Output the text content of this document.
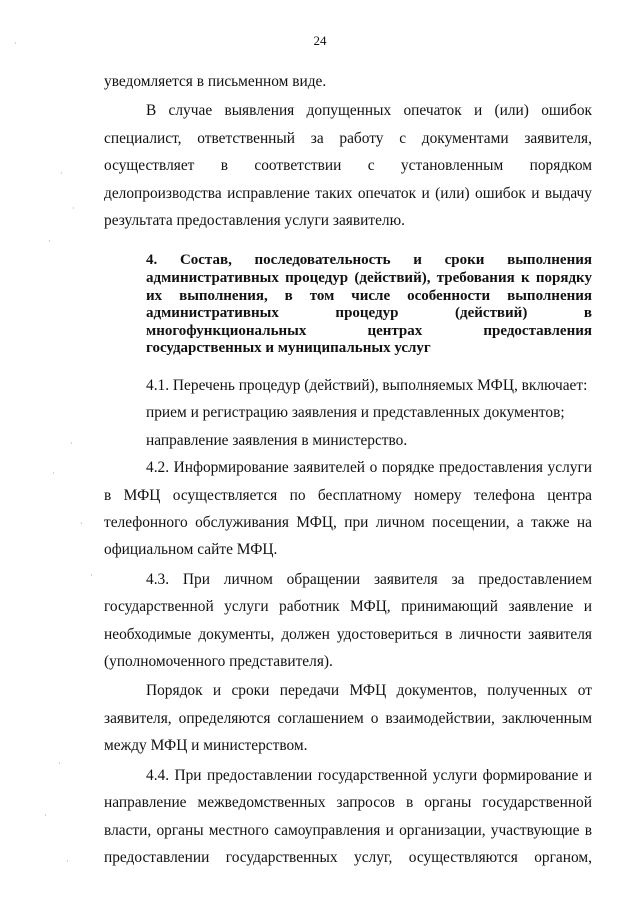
24

уведомляется в письменном виде.

В случае выявления допущенных опечаток и (или) ошибок специалист, ответственный за работу с документами заявителя, осуществляет в соответствии с установленным порядком делопроизводства исправление таких опечаток и (или) ошибок и выдачу результата предоставления услуги заявителю.

4. Состав, последовательность и сроки выполнения административных процедур (действий), требования к порядку их выполнения, в том числе особенности выполнения административных процедур (действий) в многофункциональных центрах предоставления государственных и муниципальных услуг

4.1. Перечень процедур (действий), выполняемых МФЦ, включает:

прием и регистрацию заявления и представленных документов;

направление заявления в министерство.

4.2. Информирование заявителей о порядке предоставления услуги в МФЦ осуществляется по бесплатному номеру телефона центра телефонного обслуживания МФЦ, при личном посещении, а также на официальном сайте МФЦ.

4.3. При личном обращении заявителя за предоставлением государственной услуги работник МФЦ, принимающий заявление и необходимые документы, должен удостовериться в личности заявителя (уполномоченного представителя).

Порядок и сроки передачи МФЦ документов, полученных от заявителя, определяются соглашением о взаимодействии, заключенным между МФЦ и министерством.

4.4. При предоставлении государственной услуги формирование и направление межведомственных запросов в органы государственной власти, органы местного самоуправления и организации, участвующие в предоставлении государственных услуг, осуществляются органом,

·
·
·
·
·
·
·
·
·
·
·
